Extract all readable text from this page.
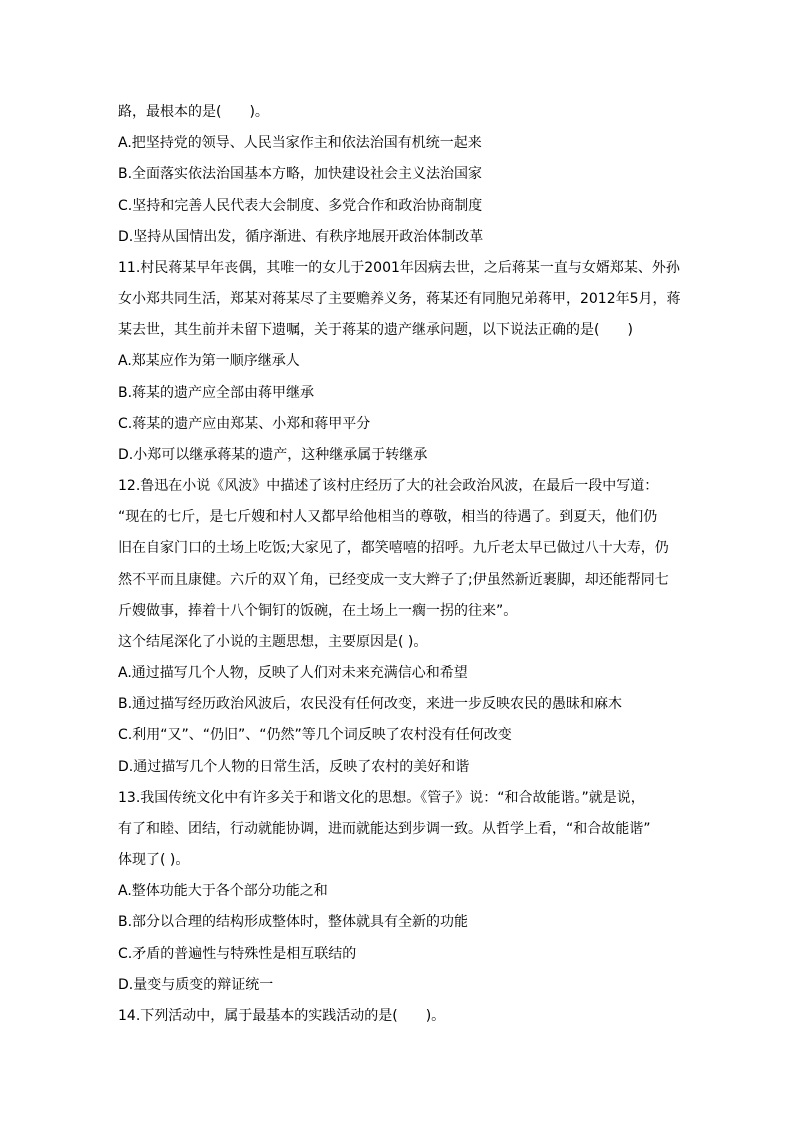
路，最根本的是(　　)。
A.把坚持党的领导、人民当家作主和依法治国有机统一起来
B.全面落实依法治国基本方略，加快建设社会主义法治国家
C.坚持和完善人民代表大会制度、多党合作和政治协商制度
D.坚持从国情出发，循序渐进、有秩序地展开政治体制改革
11.村民蒋某早年丧偶，其唯一的女儿于2001年因病去世，之后蒋某一直与女婿郑某、外孙
女小郑共同生活，郑某对蒋某尽了主要赡养义务，蒋某还有同胞兄弟蒋甲，2012年5月，蒋
某去世，其生前并未留下遗嘱，关于蒋某的遗产继承问题，以下说法正确的是(　　)
A.郑某应作为第一顺序继承人
B.蒋某的遗产应全部由蒋甲继承
C.蒋某的遗产应由郑某、小郑和蒋甲平分
D.小郑可以继承蒋某的遗产，这种继承属于转继承
12.鲁迅在小说《风波》中描述了该村庄经历了大的社会政治风波，在最后一段中写道：
“现在的七斤，是七斤嫂和村人又都早给他相当的尊敬，相当的待遇了。到夏天，他们仍
旧在自家门口的土场上吃饭;大家见了，都笑嘻嘻的招呼。九斤老太早已做过八十大寿，仍
然不平而且康健。六斤的双丫角，已经变成一支大辫子了;伊虽然新近裹脚，却还能帮同七
斤嫂做事，捧着十八个铜钉的饭碗，在土场上一瘸一拐的往来”。
这个结尾深化了小说的主题思想，主要原因是( )。
A.通过描写几个人物，反映了人们对未来充满信心和希望
B.通过描写经历政治风波后，农民没有任何改变，来进一步反映农民的愚昧和麻木
C.利用“又”、“仍旧”、“仍然”等几个词反映了农村没有任何改变
D.通过描写几个人物的日常生活，反映了农村的美好和谐
13.我国传统文化中有许多关于和谐文化的思想。《管子》说：“和合故能谐。”就是说，
有了和睦、团结，行动就能协调，进而就能达到步调一致。从哲学上看，“和合故能谐”
体现了( )。
A.整体功能大于各个部分功能之和
B.部分以合理的结构形成整体时，整体就具有全新的功能
C.矛盾的普遍性与特殊性是相互联结的
D.量变与质变的辩证统一
14.下列活动中，属于最基本的实践活动的是(　　)。
